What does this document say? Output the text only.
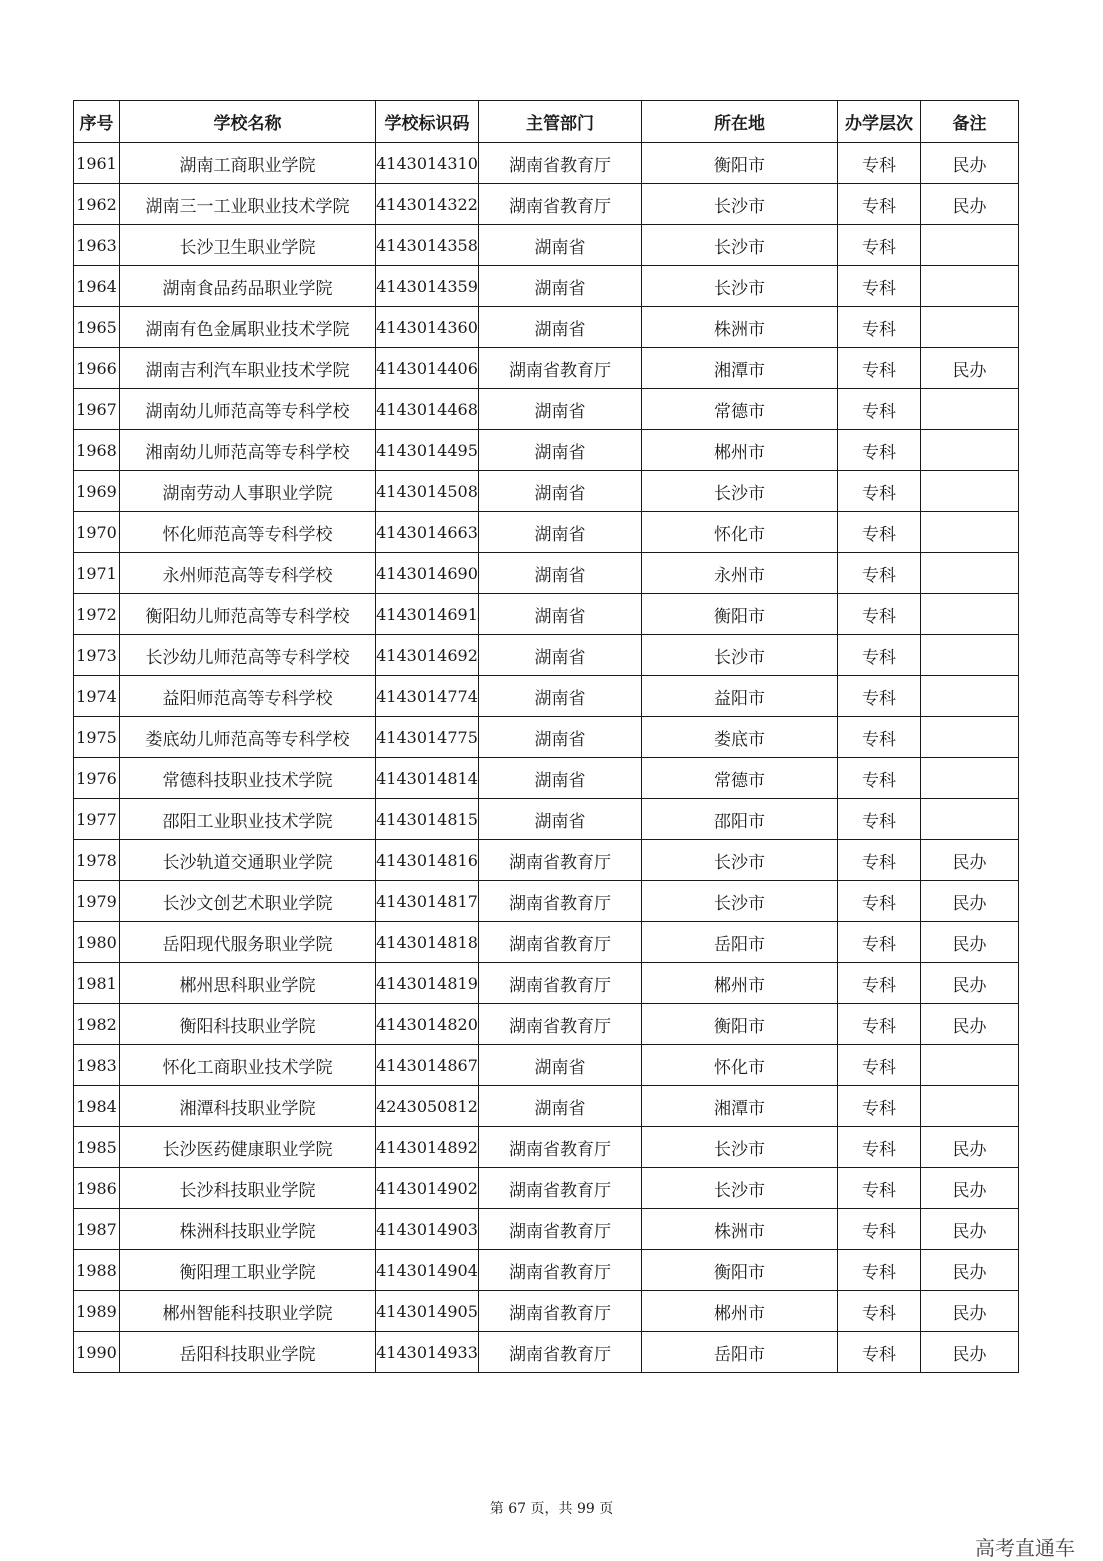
序号	学校名称	学校标识码	主管部门	所在地	办学层次	备注
1961	湖南工商职业学院	4143014310	湖南省教育厅	衡阳市	专科	民办
1962	湖南三一工业职业技术学院	4143014322	湖南省教育厅	长沙市	专科	民办
1963	长沙卫生职业学院	4143014358	湖南省	长沙市	专科	
1964	湖南食品药品职业学院	4143014359	湖南省	长沙市	专科	
1965	湖南有色金属职业技术学院	4143014360	湖南省	株洲市	专科	
1966	湖南吉利汽车职业技术学院	4143014406	湖南省教育厅	湘潭市	专科	民办
1967	湖南幼儿师范高等专科学校	4143014468	湖南省	常德市	专科	
1968	湘南幼儿师范高等专科学校	4143014495	湖南省	郴州市	专科	
1969	湖南劳动人事职业学院	4143014508	湖南省	长沙市	专科	
1970	怀化师范高等专科学校	4143014663	湖南省	怀化市	专科	
1971	永州师范高等专科学校	4143014690	湖南省	永州市	专科	
1972	衡阳幼儿师范高等专科学校	4143014691	湖南省	衡阳市	专科	
1973	长沙幼儿师范高等专科学校	4143014692	湖南省	长沙市	专科	
1974	益阳师范高等专科学校	4143014774	湖南省	益阳市	专科	
1975	娄底幼儿师范高等专科学校	4143014775	湖南省	娄底市	专科	
1976	常德科技职业技术学院	4143014814	湖南省	常德市	专科	
1977	邵阳工业职业技术学院	4143014815	湖南省	邵阳市	专科	
1978	长沙轨道交通职业学院	4143014816	湖南省教育厅	长沙市	专科	民办
1979	长沙文创艺术职业学院	4143014817	湖南省教育厅	长沙市	专科	民办
1980	岳阳现代服务职业学院	4143014818	湖南省教育厅	岳阳市	专科	民办
1981	郴州思科职业学院	4143014819	湖南省教育厅	郴州市	专科	民办
1982	衡阳科技职业学院	4143014820	湖南省教育厅	衡阳市	专科	民办
1983	怀化工商职业技术学院	4143014867	湖南省	怀化市	专科	
1984	湘潭科技职业学院	4243050812	湖南省	湘潭市	专科	
1985	长沙医药健康职业学院	4143014892	湖南省教育厅	长沙市	专科	民办
1986	长沙科技职业学院	4143014902	湖南省教育厅	长沙市	专科	民办
1987	株洲科技职业学院	4143014903	湖南省教育厅	株洲市	专科	民办
1988	衡阳理工职业学院	4143014904	湖南省教育厅	衡阳市	专科	民办
1989	郴州智能科技职业学院	4143014905	湖南省教育厅	郴州市	专科	民办
1990	岳阳科技职业学院	4143014933	湖南省教育厅	岳阳市	专科	民办
第 67 页，共 99 页
高考直通车
